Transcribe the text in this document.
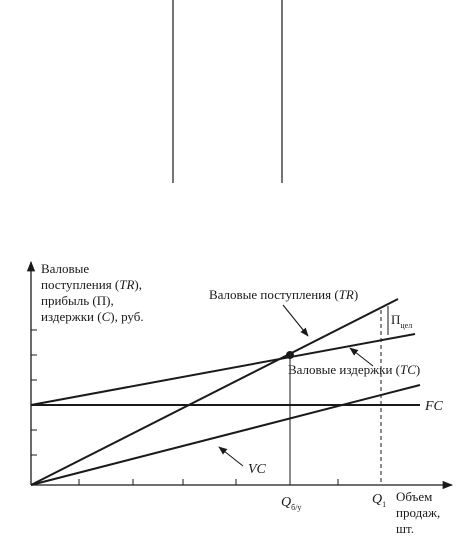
Валовые
поступления (TR),
прибыль (П),
издержки (C), руб.
Валовые поступления (TR)
Валовые издержки (TC)
FC
VC
$П_{цел}$
$Q_{б/у}$
$Q_1$
Объем
продаж,
шт.
